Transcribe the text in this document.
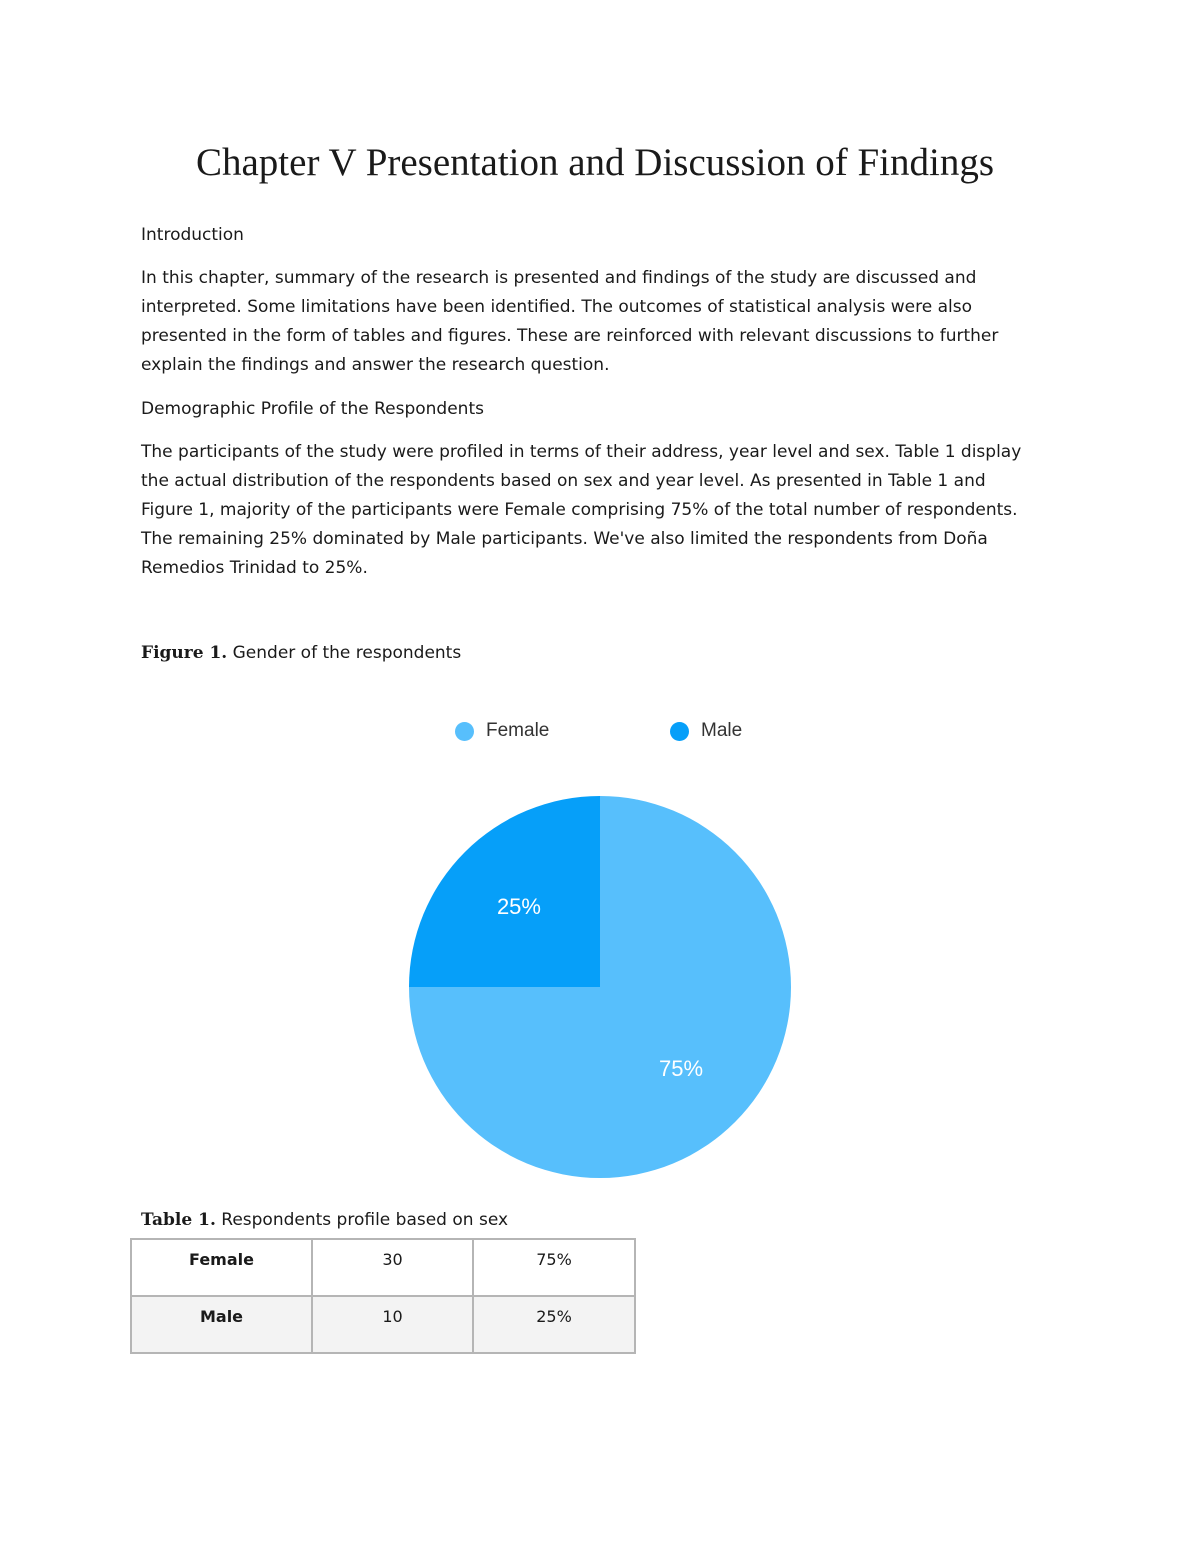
Chapter V Presentation and Discussion of Findings
Introduction
In this chapter, summary of the research is presented and findings of the study are discussed and
interpreted. Some limitations have been identified. The outcomes of statistical analysis were also
presented in the form of tables and figures. These are reinforced with relevant discussions to further
explain the findings and answer the research question.
Demographic Profile of the Respondents
The participants of the study were profiled in terms of their address, year level and sex. Table 1 display
the actual distribution of the respondents based on sex and year level. As presented in Table 1 and
Figure 1, majority of the participants were Female comprising 75% of the total number of respondents.
The remaining 25% dominated by Male participants. We've also limited the respondents from Doña
Remedios Trinidad to 25%.
Figure 1. Gender of the respondents
Female	Male
75%
25%
Table 1. Respondents profile based on sex
Female	30	75%
Male	10	25%
